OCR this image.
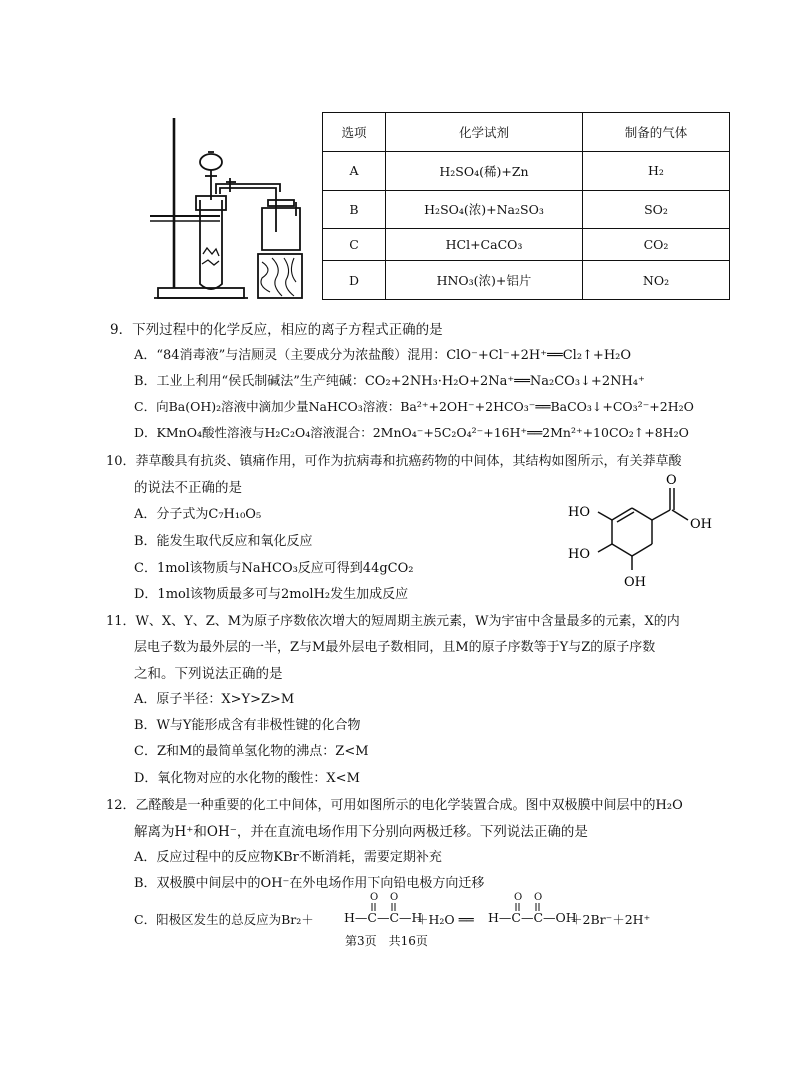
选项	化学试剂	制备的气体
A	H₂SO₄(稀)+Zn	H₂
B	H₂SO₄(浓)+Na₂SO₃	SO₂
C	HCl+CaCO₃	CO₂
D	HNO₃(浓)+铝片	NO₂
9．下列过程中的化学反应，相应的离子方程式正确的是
A．“84消毒液”与洁厕灵（主要成分为浓盐酸）混用：ClO⁻+Cl⁻+2H⁺══Cl₂↑+H₂O
B．工业上利用“侯氏制碱法”生产纯碱：CO₂+2NH₃·H₂O+2Na⁺══Na₂CO₃↓+2NH₄⁺
C．向Ba(OH)₂溶液中滴加少量NaHCO₃溶液：Ba²⁺+2OH⁻+2HCO₃⁻══BaCO₃↓+CO₃²⁻+2H₂O
D．KMnO₄酸性溶液与H₂C₂O₄溶液混合：2MnO₄⁻+5C₂O₄²⁻+16H⁺══2Mn²⁺+10CO₂↑+8H₂O
10．莽草酸具有抗炎、镇痛作用，可作为抗病毒和抗癌药物的中间体，其结构如图所示，有关莽草酸
的说法不正确的是
A．分子式为C₇H₁₀O₅
B．能发生取代反应和氧化反应
C．1mol该物质与NaHCO₃反应可得到44gCO₂
D．1mol该物质最多可与2molH₂发生加成反应
O
OH
HO
HO
OH
11．W、X、Y、Z、M为原子序数依次增大的短周期主族元素，W为宇宙中含量最多的元素，X的内
层电子数为最外层的一半，Z与M最外层电子数相同，且M的原子序数等于Y与Z的原子序数
之和。下列说法正确的是
A．原子半径：X>Y>Z>M
B．W与Y能形成含有非极性键的化合物
C．Z和M的最简单氢化物的沸点：Z<M
D．氧化物对应的水化物的酸性：X<M
12．乙醛酸是一种重要的化工中间体，可用如图所示的电化学装置合成。图中双极膜中间层中的H₂O
解离为H⁺和OH⁻，并在直流电场作用下分别向两极迁移。下列说法正确的是
A．反应过程中的反应物KBr不断消耗，需要定期补充
B．双极膜中间层中的OH⁻在外电场作用下向铅电极方向迁移
C．阳极区发生的总反应为Br₂＋
O O
H—C—C—H
＋H₂O ══
O O
H—C—C—OH
＋2Br⁻＋2H⁺
第3页　共16页
